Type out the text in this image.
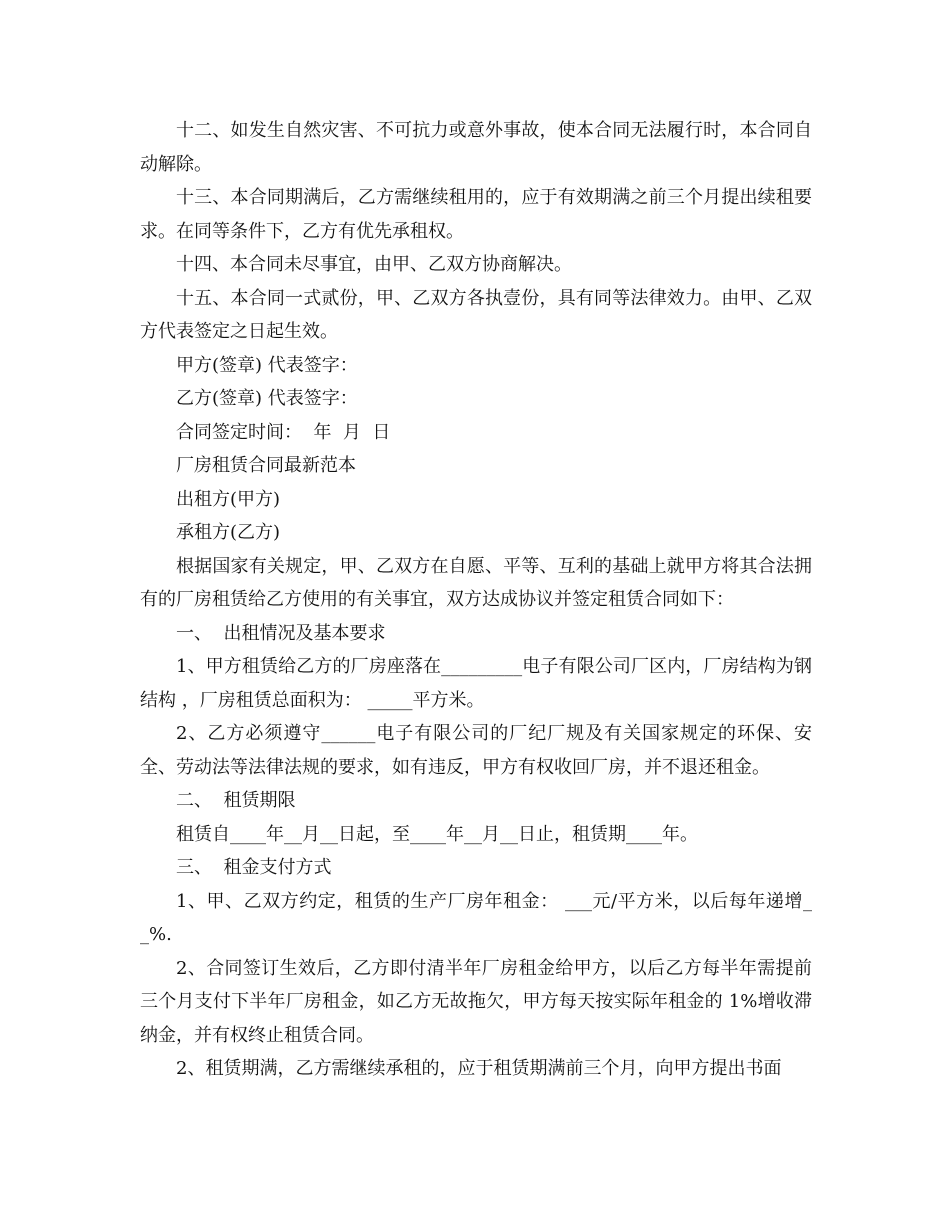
十二、如发生自然灾害、不可抗力或意外事故，使本合同无法履行时，本合同自动解除。

十三、本合同期满后，乙方需继续租用的，应于有效期满之前三个月提出续租要求。在同等条件下，乙方有优先承租权。

十四、本合同未尽事宜，由甲、乙双方协商解决。

十五、本合同一式贰份，甲、乙双方各执壹份，具有同等法律效力。由甲、乙双方代表签定之日起生效。

甲方(签章) 代表签字：

乙方(签章) 代表签字：

合同签定时间：  年  月  日

厂房租赁合同最新范本

出租方(甲方)

承租方(乙方)

根据国家有关规定，甲、乙双方在自愿、平等、互利的基础上就甲方将其合法拥有的厂房租赁给乙方使用的有关事宜，双方达成协议并签定租赁合同如下：

一、  出租情况及基本要求

1、甲方租赁给乙方的厂房座落在_________电子有限公司厂区内，厂房结构为钢结构 ，厂房租赁总面积为： _____平方米。

2、乙方必须遵守______电子有限公司的厂纪厂规及有关国家规定的环保、安全、劳动法等法律法规的要求，如有违反，甲方有权收回厂房，并不退还租金。

二、  租赁期限

租赁自____年__月__日起，至____年__月__日止，租赁期____年。

三、  租金支付方式

1、甲、乙双方约定，租赁的生产厂房年租金： ___元/平方米，以后每年递增__%.

2、合同签订生效后，乙方即付清半年厂房租金给甲方，以后乙方每半年需提前三个月支付下半年厂房租金，如乙方无故拖欠，甲方每天按实际年租金的 1%增收滞纳金，并有权终止租赁合同。

2、租赁期满，乙方需继续承租的，应于租赁期满前三个月，向甲方提出书面
